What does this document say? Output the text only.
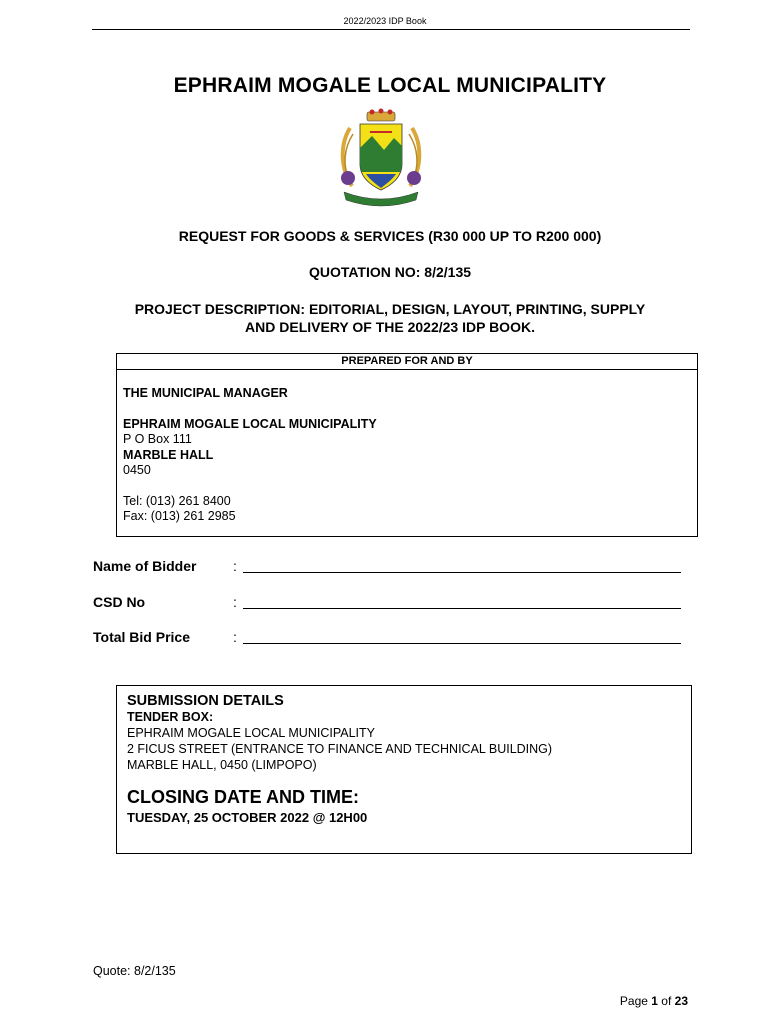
2022/2023 IDP Book
EPHRAIM MOGALE LOCAL MUNICIPALITY
REQUEST FOR GOODS & SERVICES (R30 000 UP TO R200 000)
QUOTATION NO: 8/2/135
PROJECT DESCRIPTION: EDITORIAL, DESIGN, LAYOUT, PRINTING, SUPPLY
AND DELIVERY OF THE 2022/23 IDP BOOK.
PREPARED FOR AND BY
THE MUNICIPAL MANAGER
EPHRAIM MOGALE LOCAL MUNICIPALITY
P O Box 111
MARBLE HALL
0450
Tel: (013) 261 8400
Fax: (013) 261 2985
Name of Bidder	:
CSD No	:
Total Bid Price	:
SUBMISSION DETAILS
TENDER BOX:
EPHRAIM MOGALE LOCAL MUNICIPALITY
2 FICUS STREET (ENTRANCE TO FINANCE AND TECHNICAL BUILDING)
MARBLE HALL, 0450 (LIMPOPO)
CLOSING DATE AND TIME:
TUESDAY, 25 OCTOBER 2022 @ 12H00
Quote: 8/2/135
Page 1 of 23
